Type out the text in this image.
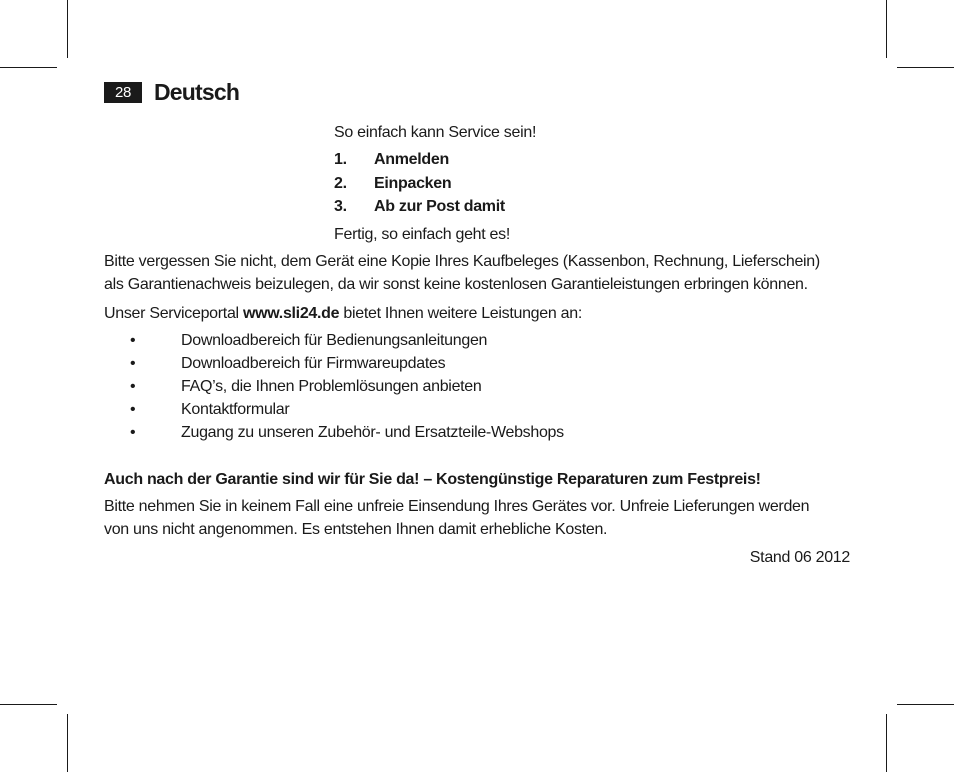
28 Deutsch
So einfach kann Service sein!
1. Anmelden
2. Einpacken
3. Ab zur Post damit
Fertig, so einfach geht es!
Bitte vergessen Sie nicht, dem Gerät eine Kopie Ihres Kaufbeleges (Kassenbon, Rechnung, Lieferschein)
als Garantienachweis beizulegen, da wir sonst keine kostenlosen Garantieleistungen erbringen können.
Unser Serviceportal www.sli24.de bietet Ihnen weitere Leistungen an:
•	Downloadbereich für Bedienungsanleitungen
•	Downloadbereich für Firmwareupdates
•	FAQ’s, die Ihnen Problemlösungen anbieten
•	Kontaktformular
•	Zugang zu unseren Zubehör- und Ersatzteile-Webshops
Auch nach der Garantie sind wir für Sie da! – Kostengünstige Reparaturen zum Festpreis!
Bitte nehmen Sie in keinem Fall eine unfreie Einsendung Ihres Gerätes vor. Unfreie Lieferungen werden
von uns nicht angenommen. Es entstehen Ihnen damit erhebliche Kosten.
Stand 06 2012
